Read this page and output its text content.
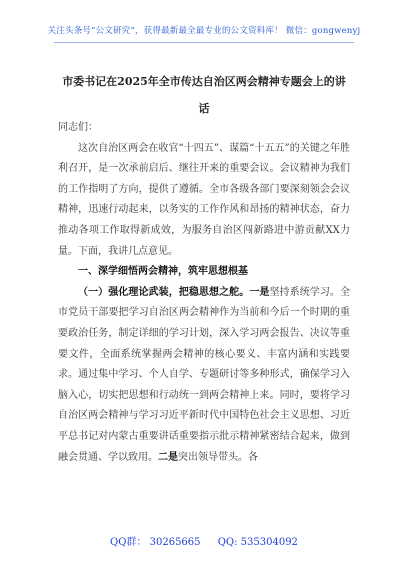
关注头条号“公文研究”，获得最新最全最专业的公文资料库！ 微信：gongwenyj
市委书记在2025年全市传达自治区两会精神专题会上的讲话

同志们：

这次自治区两会在收官“十四五”、谋篇“十五五”的关键之年胜利召开，是一次承前启后、继往开来的重要会议。会议精神为我们的工作指明了方向，提供了遵循。全市各级各部门要深刻领会会议精神，迅速行动起来，以务实的工作作风和昂扬的精神状态，奋力推动各项工作取得新成效，为服务自治区闯新路进中游贡献XX力量。下面，我讲几点意见。

一、深学细悟两会精神，筑牢思想根基

（一）强化理论武装，把稳思想之舵。一是坚持系统学习。全市党员干部要把学习自治区两会精神作为当前和今后一个时期的重要政治任务，制定详细的学习计划，深入学习两会报告、决议等重要文件，全面系统掌握两会精神的核心要义、丰富内涵和实践要求。通过集中学习、个人自学、专题研讨等多种形式，确保学习入脑入心，切实把思想和行动统一到两会精神上来。同时，要将学习自治区两会精神与学习习近平新时代中国特色社会主义思想、习近平总书记对内蒙古重要讲话重要指示批示精神紧密结合起来，做到融会贯通、学以致用。二是突出领导带头。各

QQ群： 30265665 QQ: 535304092
